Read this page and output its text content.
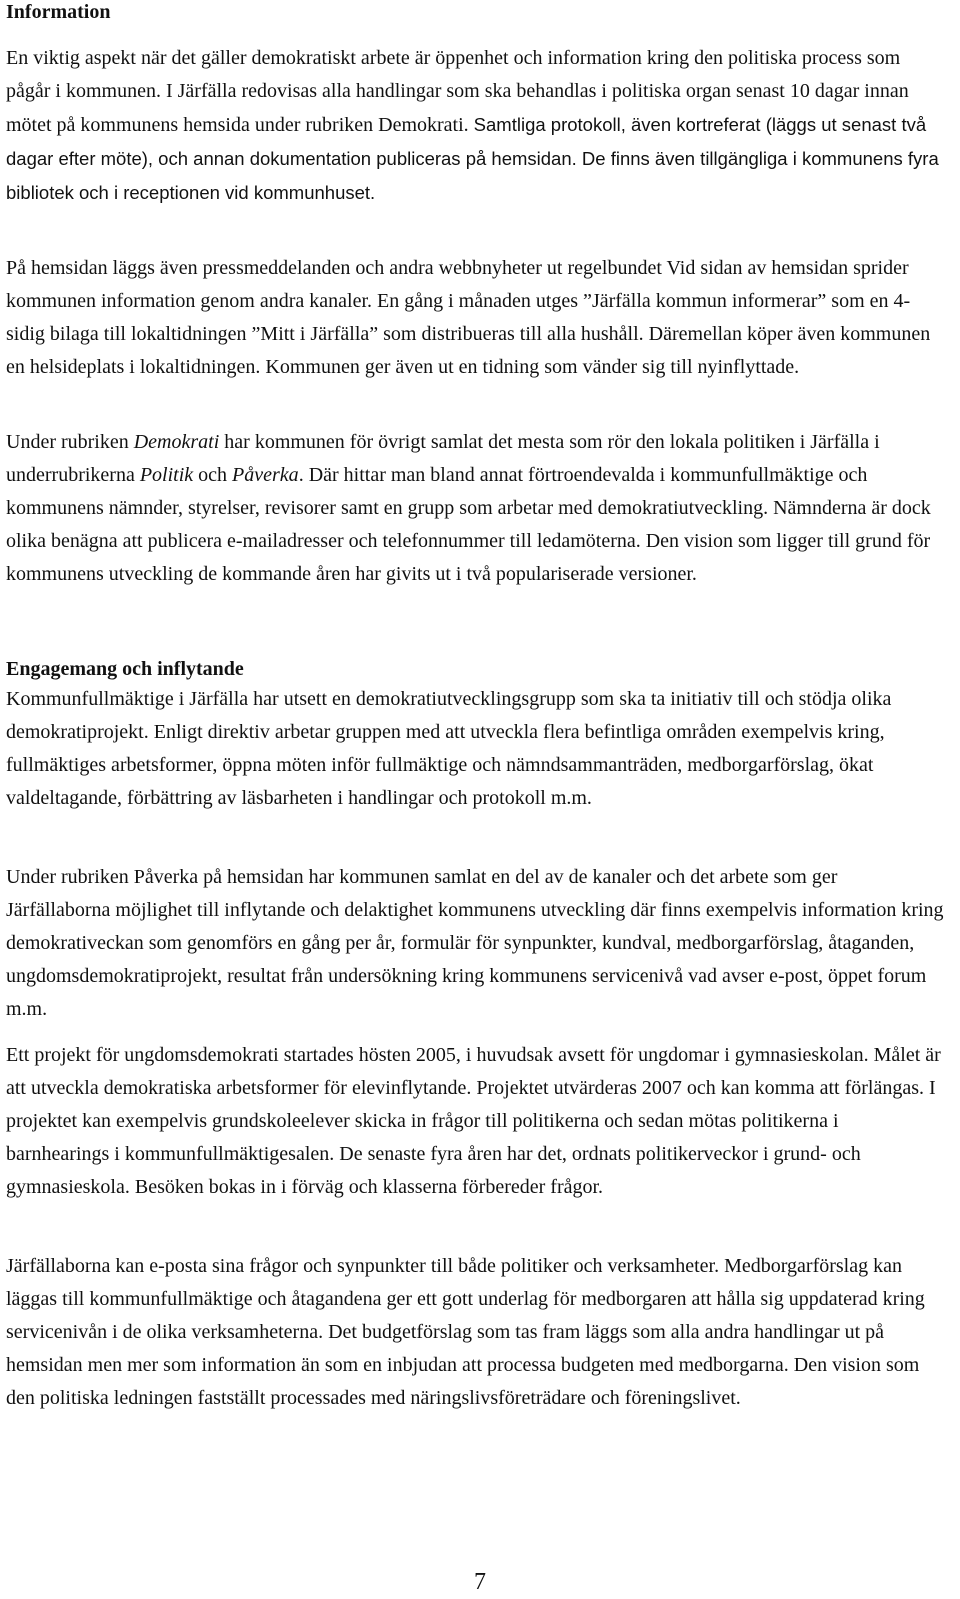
Information

En viktig aspekt när det gäller demokratiskt arbete är öppenhet och information kring den politiska process som pågår i kommunen. I Järfälla redovisas alla handlingar som ska behandlas i politiska organ senast 10 dagar innan mötet på kommunens hemsida under rubriken Demokrati. Samtliga protokoll, även kortreferat (läggs ut senast två dagar efter möte), och annan dokumentation publiceras på hemsidan. De finns även tillgängliga i kommunens fyra bibliotek och i receptionen vid kommunhuset.

På hemsidan läggs även pressmeddelanden och andra webbnyheter ut regelbundet Vid sidan av hemsidan sprider kommunen information genom andra kanaler. En gång i månaden utges ”Järfälla kommun informerar” som en 4-sidig bilaga till lokaltidningen ”Mitt i Järfälla” som distribueras till alla hushåll. Däremellan köper även kommunen en helsideplats i lokaltidningen. Kommunen ger även ut en tidning som vänder sig till nyinflyttade.

Under rubriken Demokrati har kommunen för övrigt samlat det mesta som rör den lokala politiken i Järfälla i underrubrikerna Politik och Påverka. Där hittar man bland annat förtroendevalda i kommunfullmäktige och kommunens nämnder, styrelser, revisorer samt en grupp som arbetar med demokratiutveckling. Nämnderna är dock olika benägna att publicera e-mailadresser och telefonnummer till ledamöterna. Den vision som ligger till grund för kommunens utveckling de kommande åren har givits ut i två populariserade versioner.

Engagemang och inflytande

Kommunfullmäktige i Järfälla har utsett en demokratiutvecklingsgrupp som ska ta initiativ till och stödja olika demokratiprojekt. Enligt direktiv arbetar gruppen med att utveckla flera befintliga områden exempelvis kring, fullmäktiges arbetsformer, öppna möten inför fullmäktige och nämndsammanträden, medborgarförslag, ökat valdeltagande, förbättring av läsbarheten i handlingar och protokoll m.m.

Under rubriken Påverka på hemsidan har kommunen samlat en del av de kanaler och det arbete som ger Järfällaborna möjlighet till inflytande och delaktighet kommunens utveckling där finns exempelvis information kring demokrativeckan som genomförs en gång per år, formulär för synpunkter, kundval, medborgarförslag, åtaganden, ungdomsdemokratiprojekt, resultat från undersökning kring kommunens servicenivå vad avser e-post, öppet forum m.m.

Ett projekt för ungdomsdemokrati startades hösten 2005, i huvudsak avsett för ungdomar i gymnasieskolan. Målet är att utveckla demokratiska arbetsformer för elevinflytande. Projektet utvärderas 2007 och kan komma att förlängas. I projektet kan exempelvis grundskoleelever skicka in frågor till politikerna och sedan mötas politikerna i barnhearings i kommunfullmäktigesalen. De senaste fyra åren har det, ordnats politikerveckor i grund- och gymnasieskola. Besöken bokas in i förväg och klasserna förbereder frågor.

Järfällaborna kan e-posta sina frågor och synpunkter till både politiker och verksamheter. Medborgarförslag kan läggas till kommunfullmäktige och åtagandena ger ett gott underlag för medborgaren att hålla sig uppdaterad kring servicenivån i de olika verksamheterna. Det budgetförslag som tas fram läggs som alla andra handlingar ut på hemsidan men mer som information än som en inbjudan att processa budgeten med medborgarna. Den vision som den politiska ledningen fastställt processades med näringslivsföreträdare och föreningslivet.

7
